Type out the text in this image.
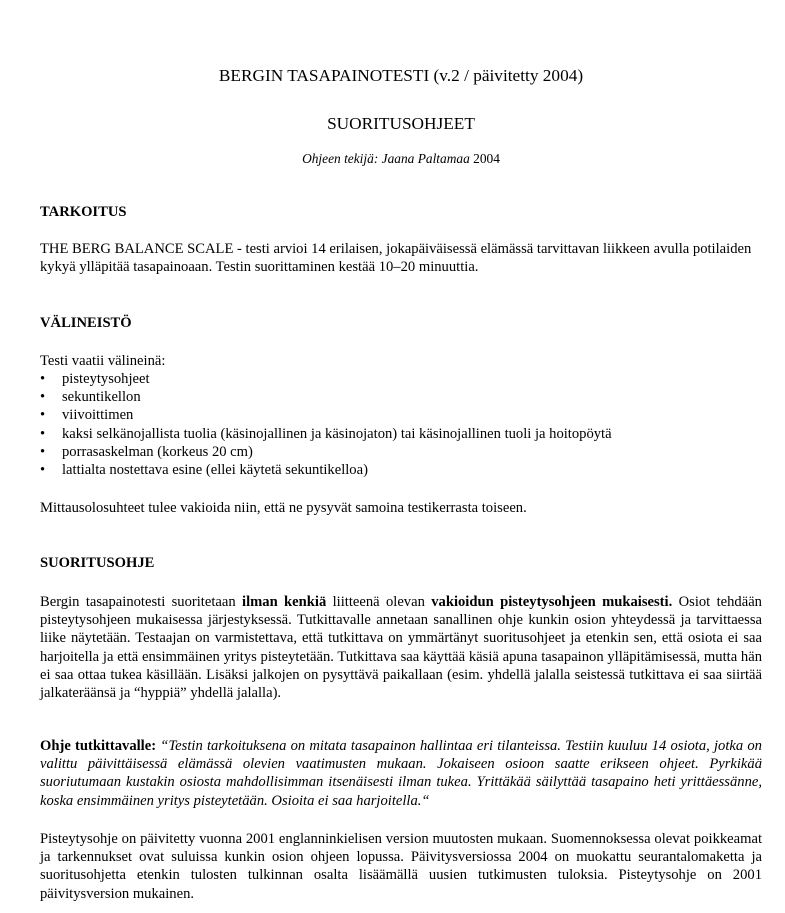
BERGIN TASAPAINOTESTI (v.2 / päivitetty 2004)
SUORITUSOHJEET
Ohjeen tekijä: Jaana Paltamaa 2004
TARKOITUS
THE BERG BALANCE SCALE - testi arvioi 14 erilaisen, jokapäiväisessä elämässä tarvittavan liikkeen avulla potilaiden kykyä ylläpitää tasapainoaan. Testin suorittaminen kestää 10–20 minuuttia.
VÄLINEISTÖ
Testi vaatii välineinä:
• pisteytysohjeet
• sekuntikellon
• viivoittimen
• kaksi selkänojallista tuolia (käsinojallinen ja käsinojaton) tai käsinojallinen tuoli ja hoitopöytä
• porrasaskelman (korkeus 20 cm)
• lattialta nostettava esine (ellei käytetä sekuntikelloa)
Mittausolosuhteet tulee vakioida niin, että ne pysyvät samoina testikerrasta toiseen.
SUORITUSOHJE
Bergin tasapainotesti suoritetaan ilman kenkiä liitteenä olevan vakioidun pisteytysohjeen mukaisesti. Osiot tehdään pisteytysohjeen mukaisessa järjestyksessä. Tutkittavalle annetaan sanallinen ohje kunkin osion yhteydessä ja tarvittaessa liike näytetään. Testaajan on varmistettava, että tutkittava on ymmärtänyt suoritusohjeet ja etenkin sen, että osiota ei saa harjoitella ja että ensimmäinen yritys pisteytetään. Tutkittava saa käyttää käsiä apuna tasapainon ylläpitämisessä, mutta hän ei saa ottaa tukea käsillään. Lisäksi jalkojen on pysyttävä paikallaan (esim. yhdellä jalalla seistessä tutkittava ei saa siirtää jalkateräänsä ja “hyppiä” yhdellä jalalla).
Ohje tutkittavalle: “Testin tarkoituksena on mitata tasapainon hallintaa eri tilanteissa. Testiin kuuluu 14 osiota, jotka on valittu päivittäisessä elämässä olevien vaatimusten mukaan. Jokaiseen osioon saatte erikseen ohjeet. Pyrkikää suoriutumaan kustakin osiosta mahdollisimman itsenäisesti ilman tukea. Yrittäkää säilyttää tasapaino heti yrittäessänne, koska ensimmäinen yritys pisteytetään. Osioita ei saa harjoitella.“
Pisteytysohje on päivitetty vuonna 2001 englanninkielisen version muutosten mukaan. Suomennoksessa olevat poikkeamat ja tarkennukset ovat suluissa kunkin osion ohjeen lopussa. Päivitysversiossa 2004 on muokattu seurantalomaketta ja suoritusohjetta etenkin tulosten tulkinnan osalta lisäämällä uusien tutkimusten tuloksia. Pisteytysohje on 2001 päivitysversion mukainen.
